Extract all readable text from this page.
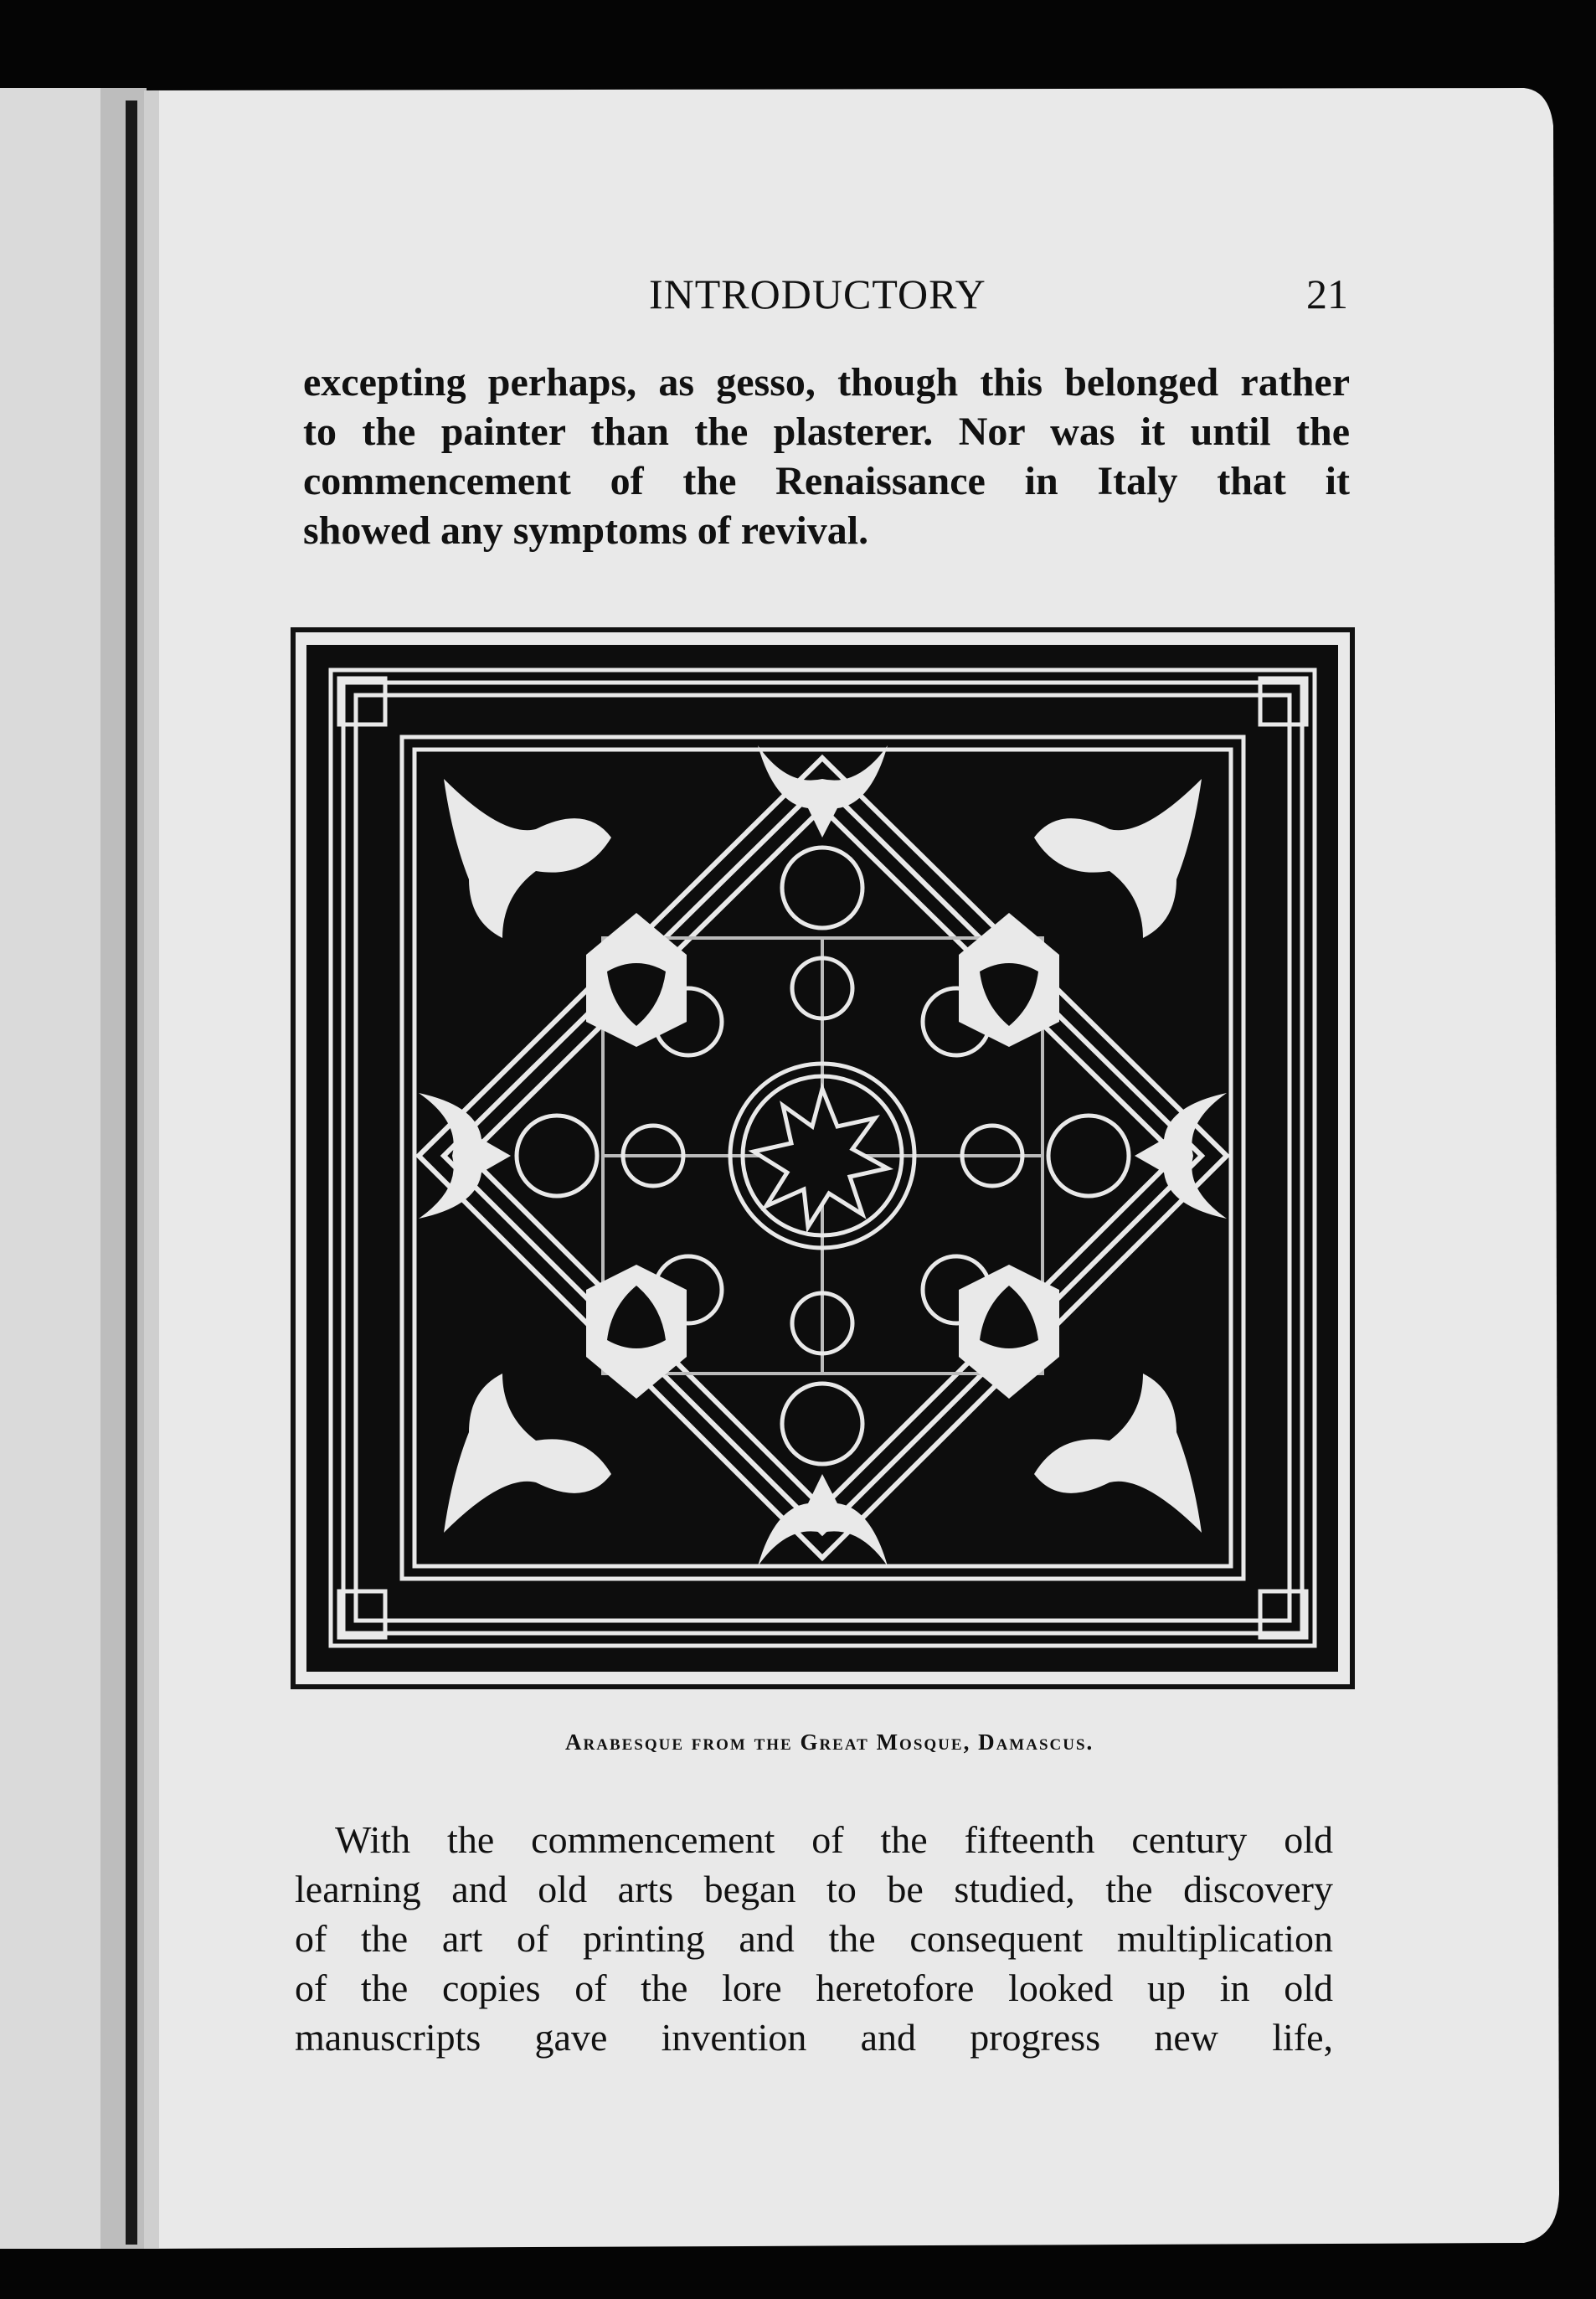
INTRODUCTORY	21
excepting perhaps, as gesso, though this belonged rather
to the painter than the plasterer. Nor was it until the
commencement of the Renaissance in Italy that it
showed any symptoms of revival.
Arabesque from the Great Mosque, Damascus.
With the commencement of the fifteenth century old
learning and old arts began to be studied, the discovery
of the art of printing and the consequent multiplication
of the copies of the lore heretofore looked up in old
manuscripts gave invention and progress new life,
